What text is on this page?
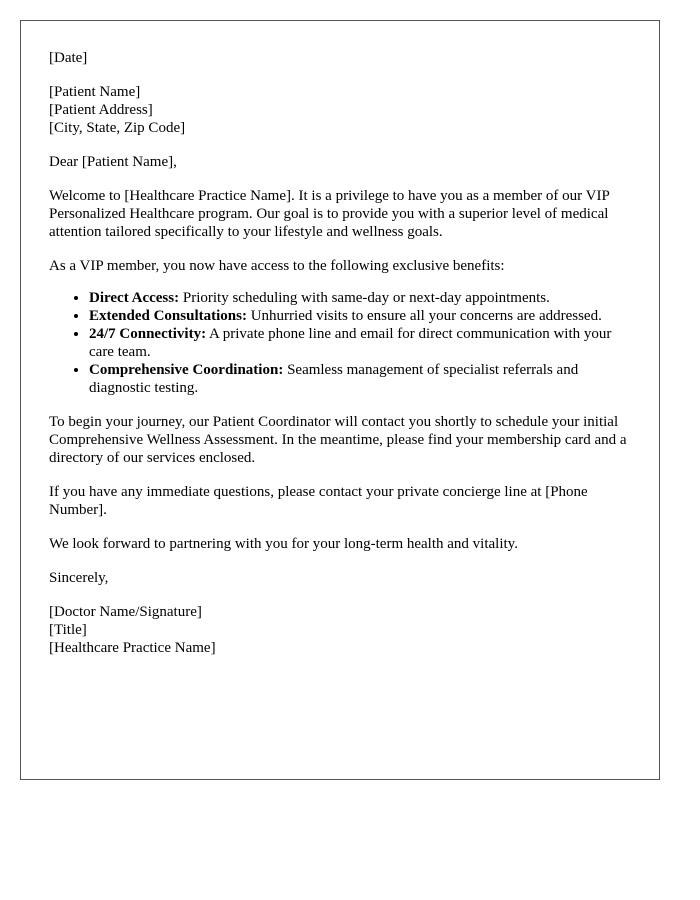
[Date]

[Patient Name]
[Patient Address]
[City, State, Zip Code]

Dear [Patient Name],

Welcome to [Healthcare Practice Name]. It is a privilege to have you as a member of our VIP Personalized Healthcare program. Our goal is to provide you with a superior level of medical attention tailored specifically to your lifestyle and wellness goals.

As a VIP member, you now have access to the following exclusive benefits:

• Direct Access: Priority scheduling with same-day or next-day appointments.
• Extended Consultations: Unhurried visits to ensure all your concerns are addressed.
• 24/7 Connectivity: A private phone line and email for direct communication with your care team.
• Comprehensive Coordination: Seamless management of specialist referrals and diagnostic testing.

To begin your journey, our Patient Coordinator will contact you shortly to schedule your initial Comprehensive Wellness Assessment. In the meantime, please find your membership card and a directory of our services enclosed.

If you have any immediate questions, please contact your private concierge line at [Phone Number].

We look forward to partnering with you for your long-term health and vitality.

Sincerely,

[Doctor Name/Signature]
[Title]
[Healthcare Practice Name]
